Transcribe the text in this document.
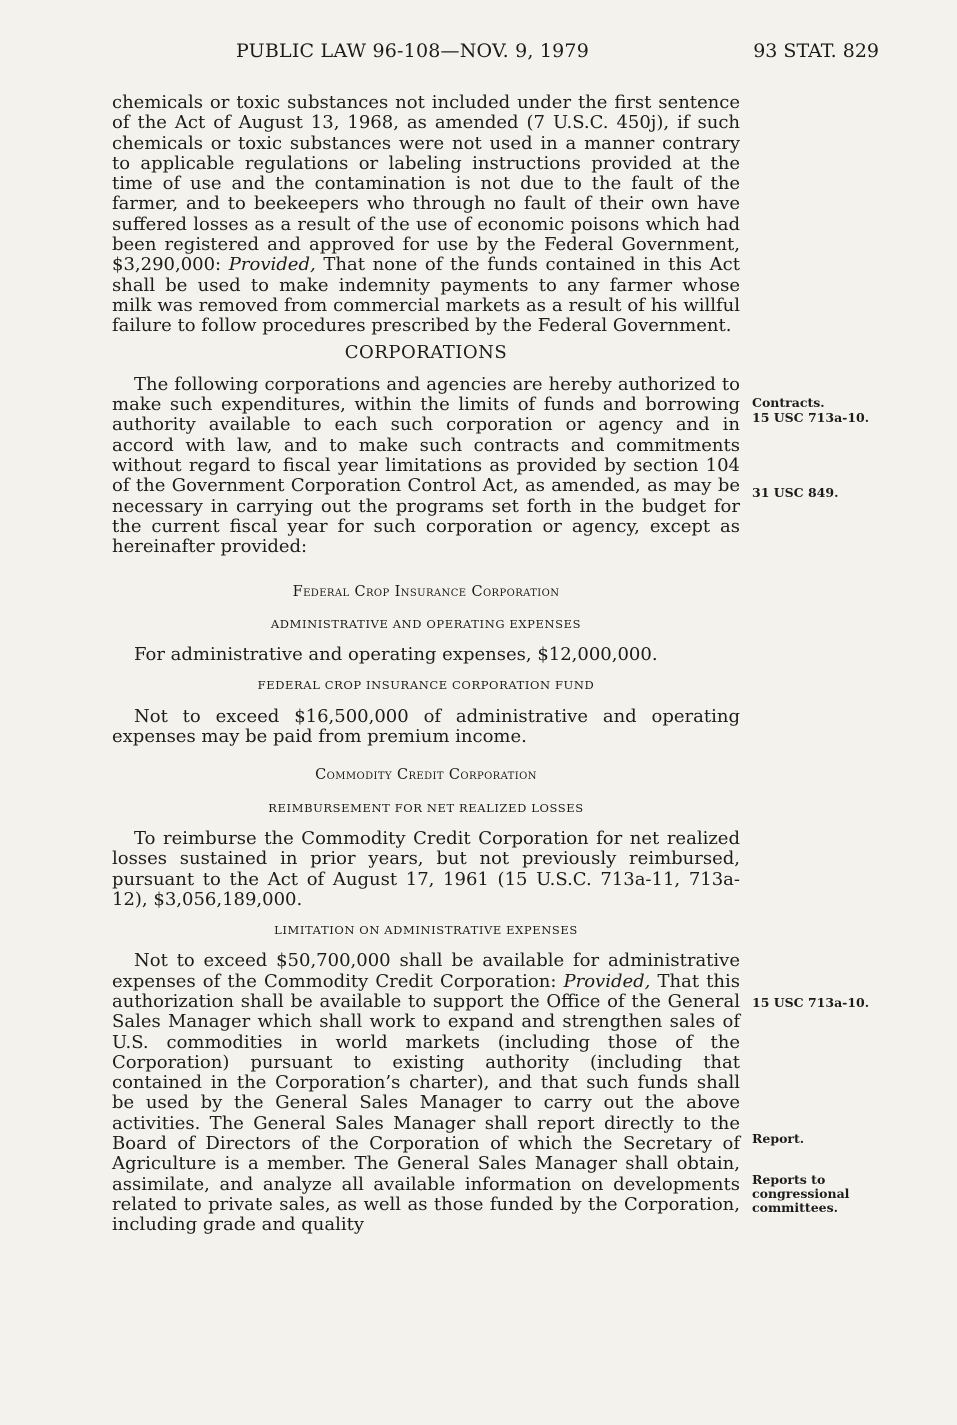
PUBLIC LAW 96-108—NOV. 9, 1979	93 STAT. 829

chemicals or toxic substances not included under the first sentence of the Act of August 13, 1968, as amended (7 U.S.C. 450j), if such chemicals or toxic substances were not used in a manner contrary to applicable regulations or labeling instructions provided at the time of use and the contamination is not due to the fault of the farmer, and to beekeepers who through no fault of their own have suffered losses as a result of the use of economic poisons which had been registered and approved for use by the Federal Government, $3,290,000: Provided, That none of the funds contained in this Act shall be used to make indemnity payments to any farmer whose milk was removed from commercial markets as a result of his willful failure to follow procedures prescribed by the Federal Government.

CORPORATIONS

The following corporations and agencies are hereby authorized to make such expenditures, within the limits of funds and borrowing authority available to each such corporation or agency and in accord with law, and to make such contracts and commitments without regard to fiscal year limitations as provided by section 104 of the Government Corporation Control Act, as amended, as may be necessary in carrying out the programs set forth in the budget for the current fiscal year for such corporation or agency, except as hereinafter provided:

Federal Crop Insurance Corporation
ADMINISTRATIVE AND OPERATING EXPENSES

For administrative and operating expenses, $12,000,000.

FEDERAL CROP INSURANCE CORPORATION FUND

Not to exceed $16,500,000 of administrative and operating expenses may be paid from premium income.

Commodity Credit Corporation
REIMBURSEMENT FOR NET REALIZED LOSSES

To reimburse the Commodity Credit Corporation for net realized losses sustained in prior years, but not previously reimbursed, pursuant to the Act of August 17, 1961 (15 U.S.C. 713a-11, 713a-12), $3,056,189,000.

LIMITATION ON ADMINISTRATIVE EXPENSES

Not to exceed $50,700,000 shall be available for administrative expenses of the Commodity Credit Corporation: Provided, That this authorization shall be available to support the Office of the General Sales Manager which shall work to expand and strengthen sales of U.S. commodities in world markets (including those of the Corporation) pursuant to existing authority (including that contained in the Corporation’s charter), and that such funds shall be used by the General Sales Manager to carry out the above activities. The General Sales Manager shall report directly to the Board of Directors of the Corporation of which the Secretary of Agriculture is a member. The General Sales Manager shall obtain, assimilate, and analyze all available information on developments related to private sales, as well as those funded by the Corporation, including grade and quality

Contracts.
15 USC 713a-10.
31 USC 849.
15 USC 713a-10.
Report.
Reports to
congressional
committees.
